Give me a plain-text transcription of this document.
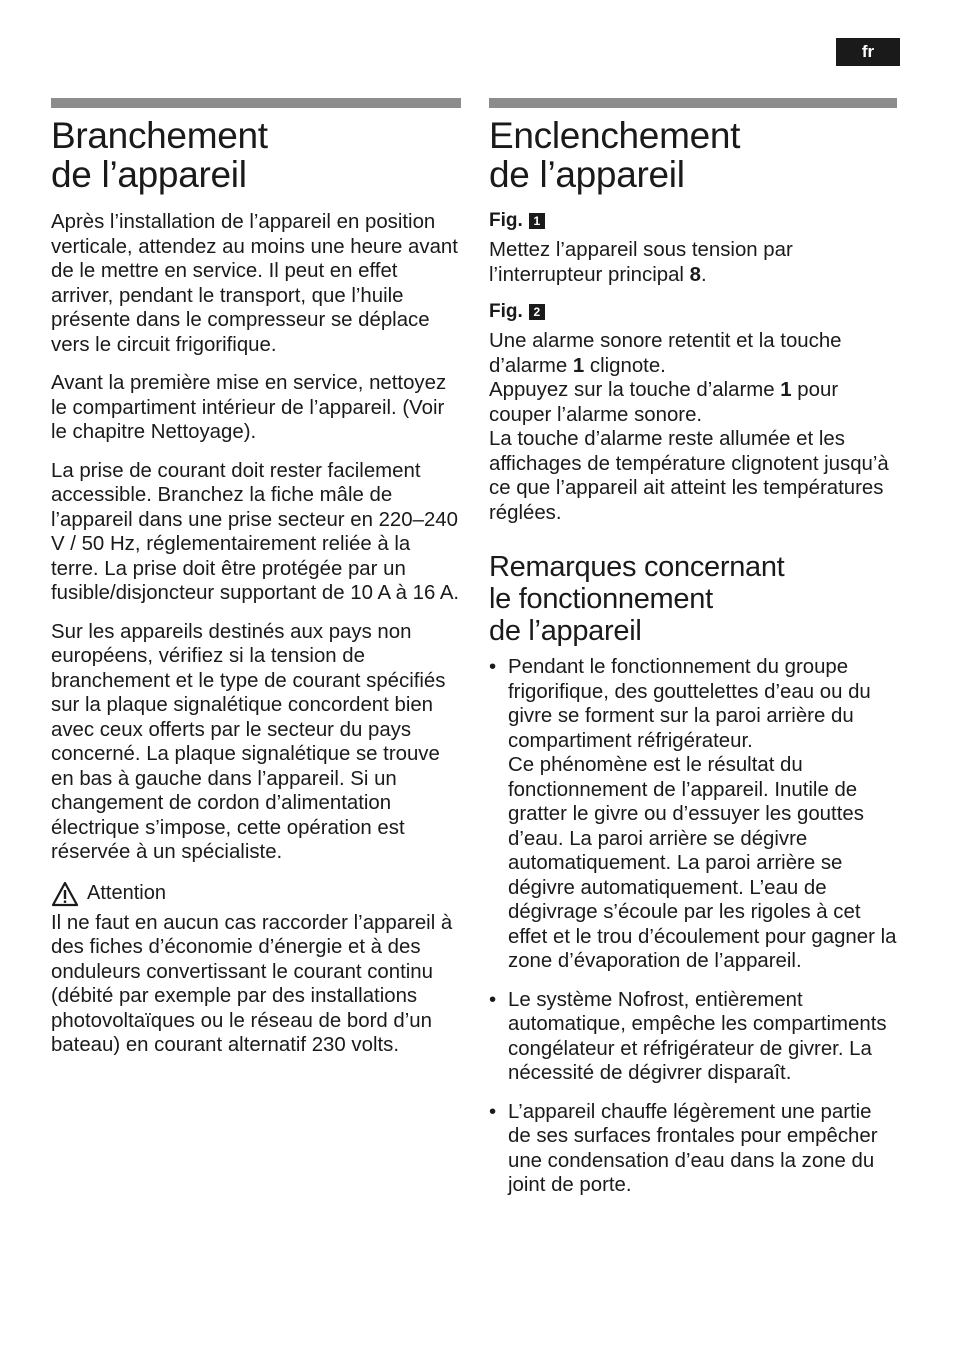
fr
Branchement
de l’appareil

Après l’installation de l’appareil en position verticale, attendez au moins une heure avant de le mettre en service. Il peut en effet arriver, pendant le transport, que l’huile présente dans le compresseur se déplace vers le circuit frigorifique.

Avant la première mise en service, nettoyez le compartiment intérieur de l’appareil. (Voir le chapitre Nettoyage).

La prise de courant doit rester facilement accessible. Branchez la fiche mâle de l’appareil dans une prise secteur en 220–240 V / 50 Hz, réglementairement reliée à la terre. La prise doit être protégée par un fusible/disjoncteur supportant de 10 A à 16 A.

Sur les appareils destinés aux pays non européens, vérifiez si la tension de branchement et le type de courant spécifiés sur la plaque signalétique concordent bien avec ceux offerts par le secteur du pays concerné. La plaque signalétique se trouve en bas à gauche dans l’appareil. Si un changement de cordon d’alimentation électrique s’impose, cette opération est réservée à un spécialiste.

Attention

Il ne faut en aucun cas raccorder l’appareil à des fiches d’économie d’énergie et à des onduleurs convertissant le courant continu (débité par exemple par des installations photovoltaïques ou le réseau de bord d’un bateau) en courant alternatif 230 volts.

Enclenchement
de l’appareil
Fig. 1

Mettez l’appareil sous tension par l’interrupteur principal 8.

Fig. 2

Une alarme sonore retentit et la touche d’alarme 1 clignote.

Appuyez sur la touche d’alarme 1 pour couper l’alarme sonore.

La touche d’alarme reste allumée et les affichages de température clignotent jusqu’à ce que l’appareil ait atteint les températures réglées.

Remarques concernant
le fonctionnement
de l’appareil
• Pendant le fonctionnement du groupe frigorifique, des gouttelettes d’eau ou du givre se forment sur la paroi arrière du compartiment réfrigérateur.
Ce phénomène est le résultat du fonctionnement de l’appareil. Inutile de gratter le givre ou d’essuyer les gouttes d’eau. La paroi arrière se dégivre automatiquement. La paroi arrière se dégivre automatiquement. L’eau de dégivrage s’écoule par les rigoles à cet effet et le trou d’écoulement pour gagner la zone d’évaporation de l’appareil.
• Le système Nofrost, entièrement automatique, empêche les compartiments congélateur et réfrigérateur de givrer. La nécessité de dégivrer disparaît.
• L’appareil chauffe légèrement une partie de ses surfaces frontales pour empêcher une condensation d’eau dans la zone du joint de porte.
